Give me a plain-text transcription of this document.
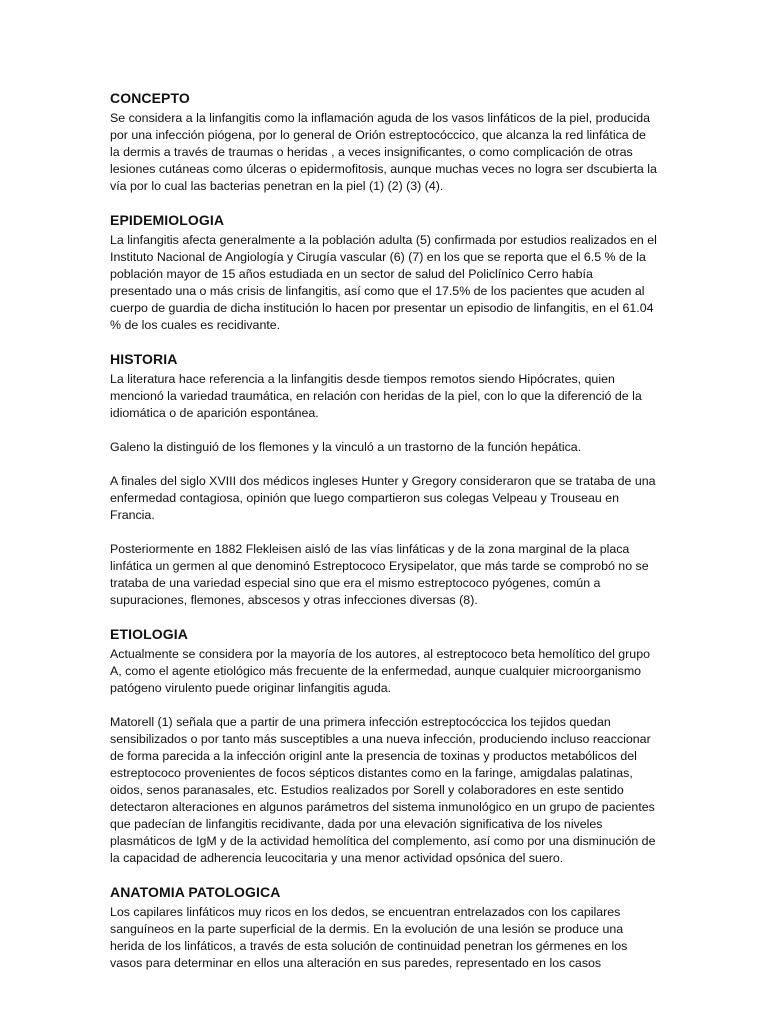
CONCEPTO

Se considera a la linfangitis como la inflamación aguda de los vasos linfáticos de la piel, producida por una infección piógena, por lo general de Orión estreptocóccico, que alcanza la red linfática de la dermis a través de traumas o heridas , a veces insignificantes, o como complicación de otras lesiones cutáneas como úlceras o epidermofitosis, aunque muchas veces no logra ser dscubierta la vía por lo cual las bacterias penetran en la piel (1) (2) (3) (4).

EPIDEMIOLOGIA

La linfangitis afecta generalmente a la población adulta (5) confirmada por estudios realizados en el Instituto Nacional de Angiología y Cirugía vascular (6) (7) en los que se reporta que el 6.5 % de la población mayor de 15 años estudiada en un sector de salud del Policlínico Cerro había presentado una o más crisis de linfangitis, así como que el 17.5% de los pacientes que acuden al cuerpo de guardia de dicha institución lo hacen por presentar un episodio de linfangitis, en el 61.04 % de los cuales es recidivante.

HISTORIA

La literatura hace referencia a la linfangitis desde tiempos remotos siendo Hipócrates, quien mencionó la variedad traumática, en relación con heridas de la piel, con lo que la diferenció de la idiomática o de aparición espontánea.

Galeno la distinguió de los flemones y la vinculó a un trastorno de la función hepática.

A finales del siglo XVIII dos médicos ingleses Hunter y Gregory consideraron que se trataba de una enfermedad contagiosa, opinión que luego compartieron sus colegas Velpeau y Trouseau en Francia.

Posteriormente en 1882 Flekleisen aisló de las vías linfáticas y de la zona marginal de la placa linfática un germen al que denominó Estreptococo Erysipelator, que más tarde se comprobó no se trataba de una variedad especial sino que era el mismo estreptococo pyógenes, común a supuraciones, flemones, abscesos y otras infecciones diversas (8).

ETIOLOGIA

Actualmente se considera por la mayoría de los autores, al estreptococo beta hemolítico del grupo A, como el agente etiológico más frecuente de la enfermedad, aunque cualquier microorganismo patógeno virulento puede originar linfangitis aguda.

Matorell (1) señala que a partir de una primera infección estreptocóccica los tejidos quedan sensibilizados o por tanto más susceptibles a una nueva infección, produciendo incluso reaccionar de forma parecida a la infección originl ante la presencia de toxinas y productos metabólicos del estreptococo provenientes de focos sépticos distantes como en la faringe, amigdalas palatinas, oidos, senos paranasales, etc. Estudios realizados por Sorell y colaboradores en este sentido detectaron alteraciones en algunos parámetros del sistema inmunológico en un grupo de pacientes que padecían de linfangitis recidivante, dada por una elevación significativa de los niveles plasmáticos de IgM y de la actividad hemolítica del complemento, así como por una disminución de la capacidad de adherencia leucocitaria y una menor actividad opsónica del suero.

ANATOMIA PATOLOGICA

Los capilares linfáticos muy ricos en los dedos, se encuentran entrelazados con los capilares sanguíneos en la parte superficial de la dermis. En la evolución de una lesión se produce una herida de los linfáticos, a través de esta solución de continuidad penetran los gérmenes en los vasos para determinar en ellos una alteración en sus paredes, representado en los casos
